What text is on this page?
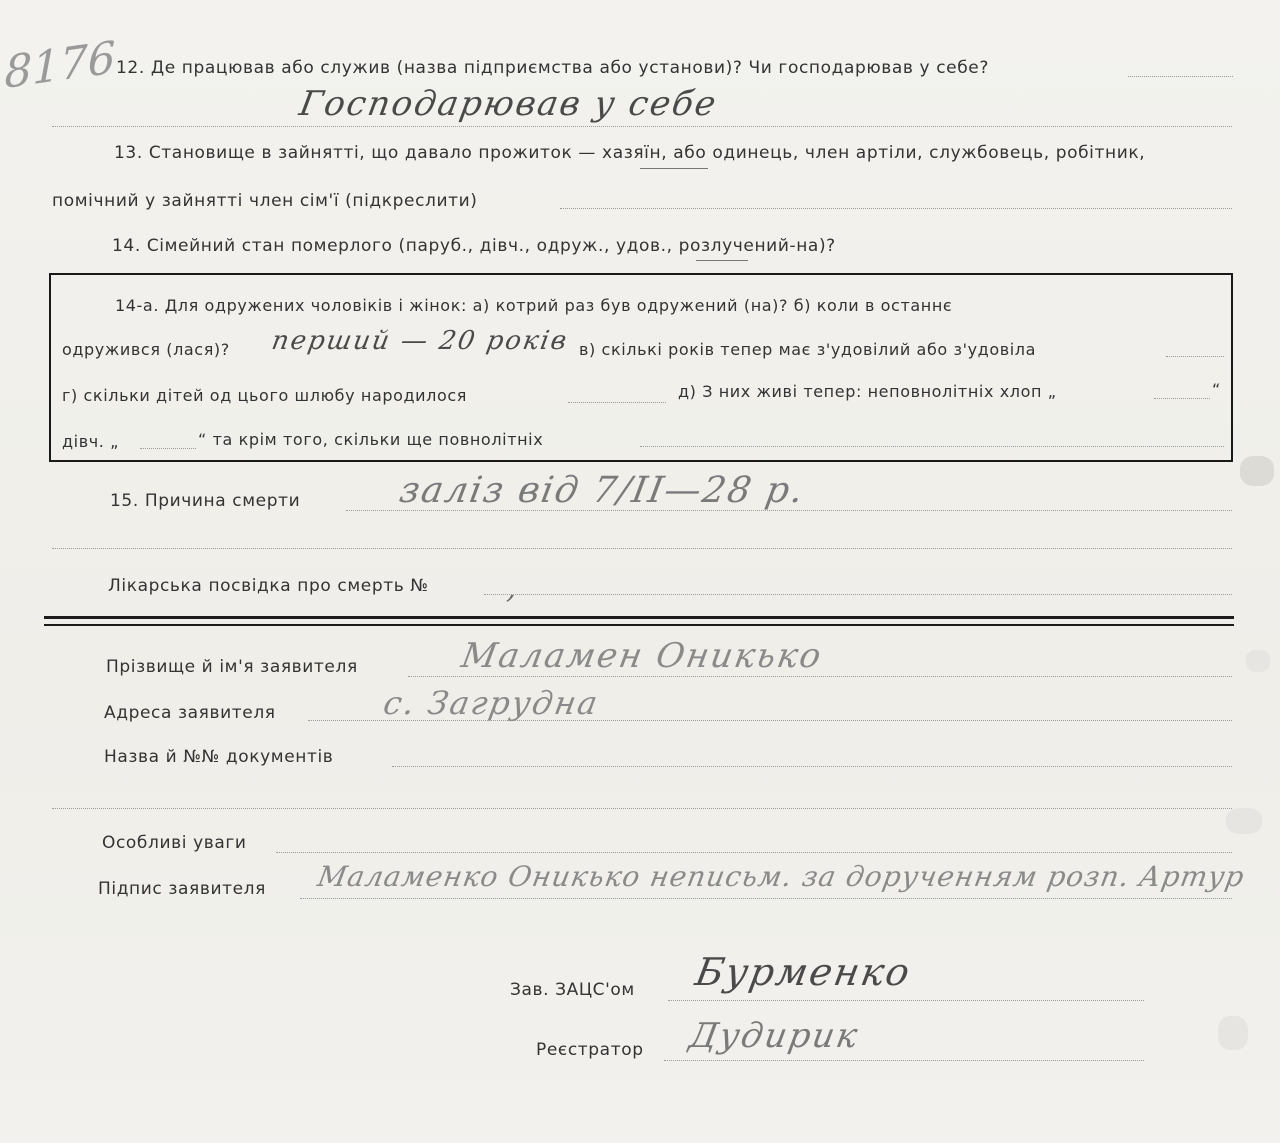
8176 12. Де працював або служив (назва підприємства або установи)? Чи господарював у себе?
Господарював у себе
13. Становище в зайнятті, що давало прожиток — хазяїн, або одинець, член артіли, службовець, робітник,
помічний у зайнятті член сім'ї (підкреслити)
14. Сімейний стан померлого (паруб., дівч., одруж., удов., розлучений-на)?
14-а. Для одружених чоловіків і жінок: а) котрий раз був одружений (на)? б) коли в останнє
одружився (лася)? перший — 20 років в) скількі років тепер має з'удовілий або з'удовіла
г) скільки дітей од цього шлюбу народилося	д) З них живі тепер: неповнолітніх хлоп „	“
дівч. „	“ та крім того, скільки ще повнолітніх
15. Причина смерти	заліз від 7/ІІ—28 р.
Лікарська посвідка про смерть №	,
Прізвище й ім'я заявителя	Маламен Оникько
Адреса заявителя	с. Загрудна
Назва й №№ документів
Особливі уваги
Підпис заявителя Маламенко Оникько неписьм. за дорученням розп. Артур
Зав. ЗАЦС'ом Бурменко
Реєстратор Дудирик
